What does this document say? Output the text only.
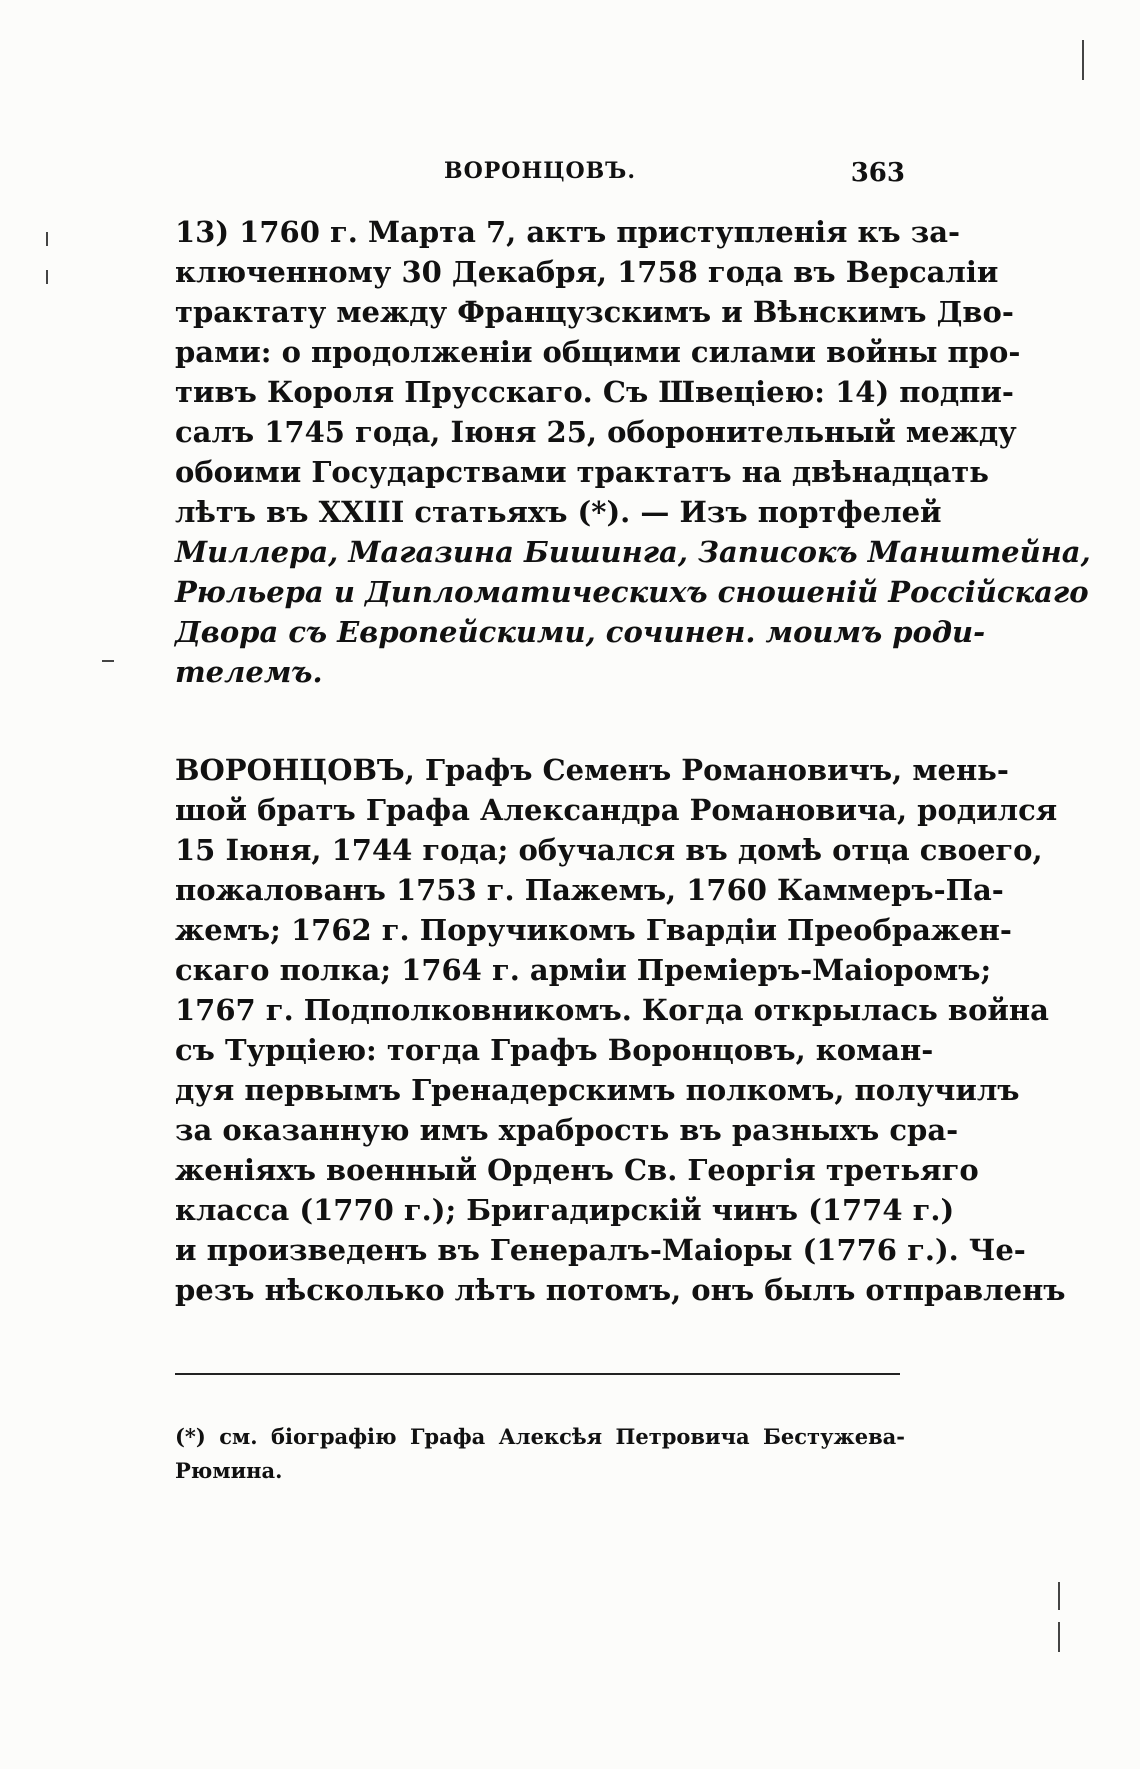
ВОРОНЦОВЪ.	363
13) 1760 г. Марта 7, актъ приступленія къ за-
ключенному 30 Декабря, 1758 года въ Версаліи
трактату между Французскимъ и Вѣнскимъ Дво-
рами: о продолженіи общими силами войны про-
тивъ Короля Прусскаго. Съ Швеціею: 14) подпи-
салъ 1745 года, Іюня 25, оборонительный между
обоими Государствами трактатъ на двѣнадцать
лѣтъ въ XXIII статьяхъ (*). — Изъ портфелей
Миллера, Магазина Бишинга, Записокъ Манштейна,
Рюльера и Дипломатическихъ сношеній Россійскаго
Двора съ Европейскими, сочинен. моимъ роди-
телемъ.
ВОРОНЦОВЪ, Графъ Семенъ Романовичъ, мень-
шой братъ Графа Александра Романовича, родился
15 Іюня, 1744 года; обучался въ домѣ отца своего,
пожалованъ 1753 г. Пажемъ, 1760 Каммеръ-Па-
жемъ; 1762 г. Поручикомъ Гвардіи Преображен-
скаго полка; 1764 г. арміи Премiеръ-Маіоромъ;
1767 г. Подполковникомъ. Когда открылась война
съ Турціею: тогда Графъ Воронцовъ, коман-
дуя первымъ Гренадерскимъ полкомъ, получилъ
за оказанную имъ храбрость въ разныхъ сра-
женіяхъ военный Орденъ Св. Георгія третьяго
класса (1770 г.); Бригадирскій чинъ (1774 г.)
и произведенъ въ Генералъ-Маіоры (1776 г.). Че-
резъ нѣсколько лѣтъ потомъ, онъ былъ отправленъ
(*) см. біографію Графа Алексѣя Петровича Бестужева-
Рюмина.
